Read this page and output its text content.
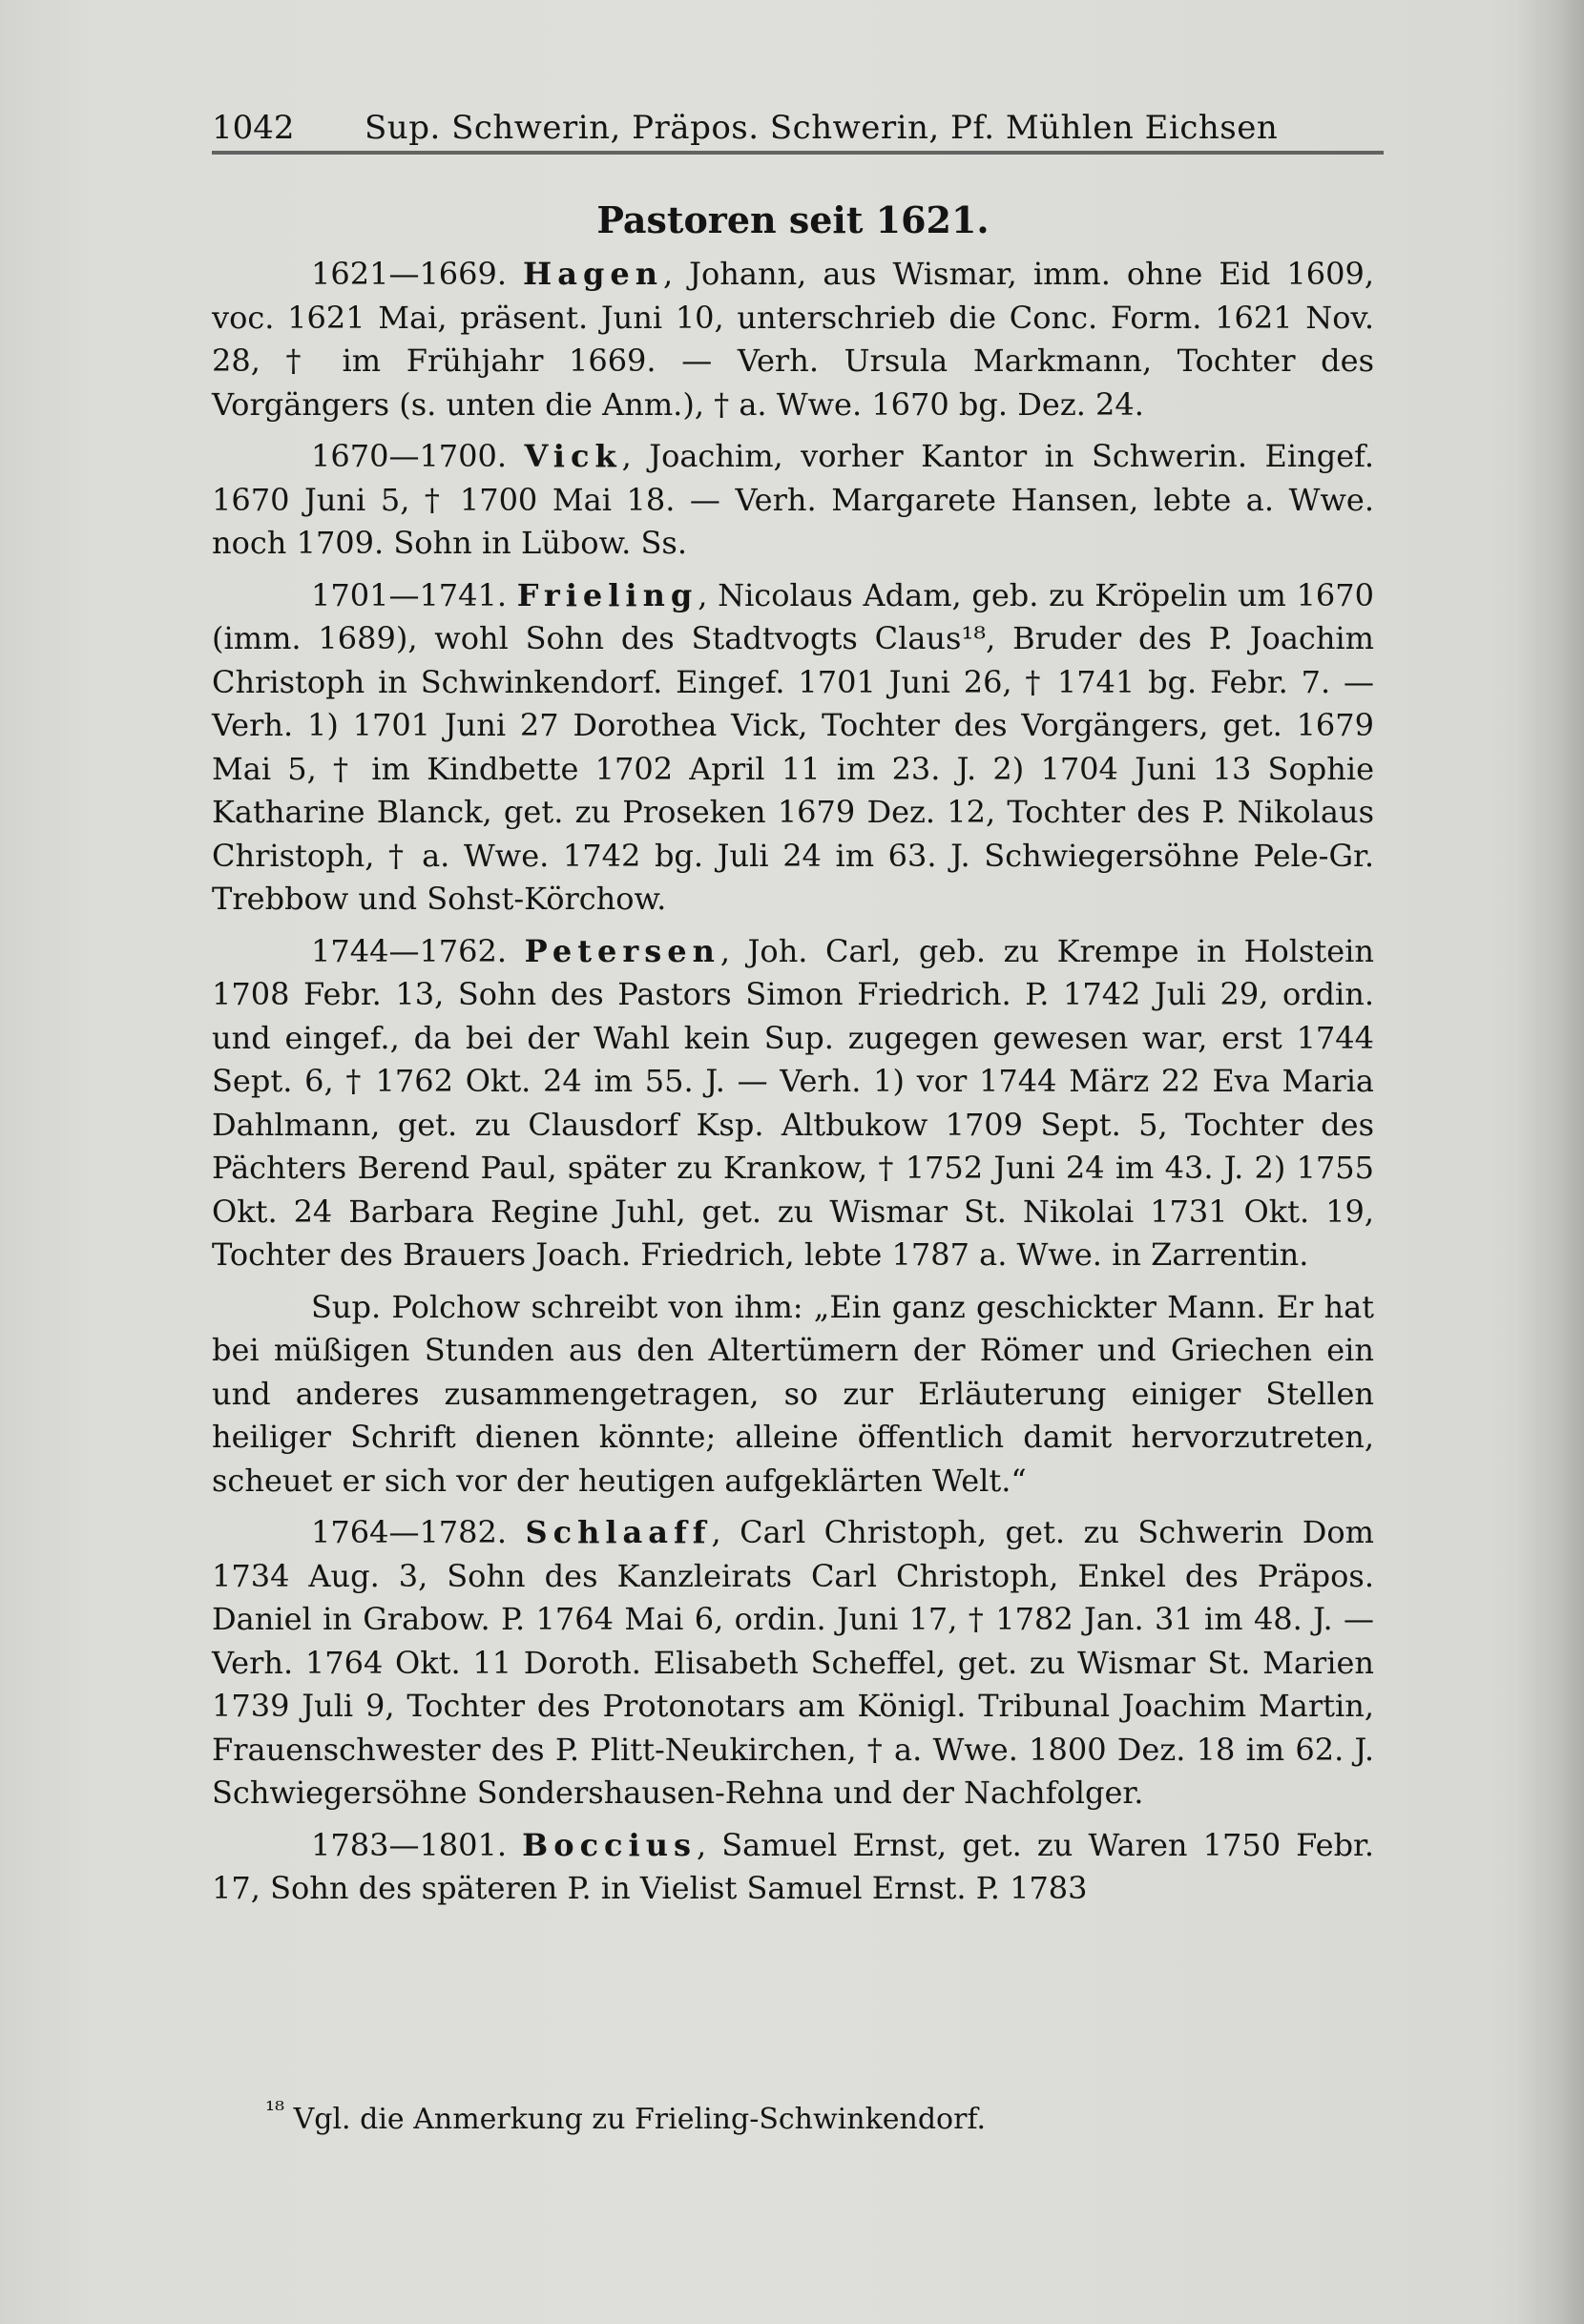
1042 Sup. Schwerin, Präpos. Schwerin, Pf. Mühlen Eichsen
Pastoren seit 1621.

1621—1669. Hagen, Johann, aus Wismar, imm. ohne Eid 1609, voc. 1621 Mai, präsent. Juni 10, unterschrieb die Conc. Form. 1621 Nov. 28, † im Frühjahr 1669. — Verh. Ursula Markmann, Tochter des Vorgängers (s. unten die Anm.), † a. Wwe. 1670 bg. Dez. 24.

1670—1700. Vick, Joachim, vorher Kantor in Schwerin. Eingef. 1670 Juni 5, † 1700 Mai 18. — Verh. Margarete Hansen, lebte a. Wwe. noch 1709. Sohn in Lübow. Ss.

1701—1741. Frieling, Nicolaus Adam, geb. zu Kröpelin um 1670 (imm. 1689), wohl Sohn des Stadtvogts Claus¹⁸, Bruder des P. Joachim Christoph in Schwinkendorf. Eingef. 1701 Juni 26, † 1741 bg. Febr. 7. — Verh. 1) 1701 Juni 27 Dorothea Vick, Tochter des Vorgängers, get. 1679 Mai 5, † im Kindbette 1702 April 11 im 23. J. 2) 1704 Juni 13 Sophie Katharine Blanck, get. zu Proseken 1679 Dez. 12, Tochter des P. Nikolaus Christoph, † a. Wwe. 1742 bg. Juli 24 im 63. J. Schwiegersöhne Pele-Gr. Trebbow und Sohst-Körchow.

1744—1762. Petersen, Joh. Carl, geb. zu Krempe in Holstein 1708 Febr. 13, Sohn des Pastors Simon Friedrich. P. 1742 Juli 29, ordin. und eingef., da bei der Wahl kein Sup. zugegen gewesen war, erst 1744 Sept. 6, † 1762 Okt. 24 im 55. J. — Verh. 1) vor 1744 März 22 Eva Maria Dahlmann, get. zu Clausdorf Ksp. Altbukow 1709 Sept. 5, Tochter des Pächters Berend Paul, später zu Krankow, † 1752 Juni 24 im 43. J. 2) 1755 Okt. 24 Barbara Regine Juhl, get. zu Wismar St. Nikolai 1731 Okt. 19, Tochter des Brauers Joach. Friedrich, lebte 1787 a. Wwe. in Zarrentin.

Sup. Polchow schreibt von ihm: „Ein ganz geschickter Mann. Er hat bei müßigen Stunden aus den Altertümern der Römer und Griechen ein und anderes zusammengetragen, so zur Erläuterung einiger Stellen heiliger Schrift dienen könnte; alleine öffentlich damit hervorzutreten, scheuet er sich vor der heutigen aufgeklärten Welt.“

1764—1782. Schlaaff, Carl Christoph, get. zu Schwerin Dom 1734 Aug. 3, Sohn des Kanzleirats Carl Christoph, Enkel des Präpos. Daniel in Grabow. P. 1764 Mai 6, ordin. Juni 17, † 1782 Jan. 31 im 48. J. — Verh. 1764 Okt. 11 Doroth. Elisabeth Scheffel, get. zu Wismar St. Marien 1739 Juli 9, Tochter des Protonotars am Königl. Tribunal Joachim Martin, Frauenschwester des P. Plitt-Neukirchen, † a. Wwe. 1800 Dez. 18 im 62. J. Schwiegersöhne Sondershausen-Rehna und der Nachfolger.

1783—1801. Boccius, Samuel Ernst, get. zu Waren 1750 Febr. 17, Sohn des späteren P. in Vielist Samuel Ernst. P. 1783

$^{^{18}}$ Vgl. die Anmerkung zu Frieling-Schwinkendorf.
